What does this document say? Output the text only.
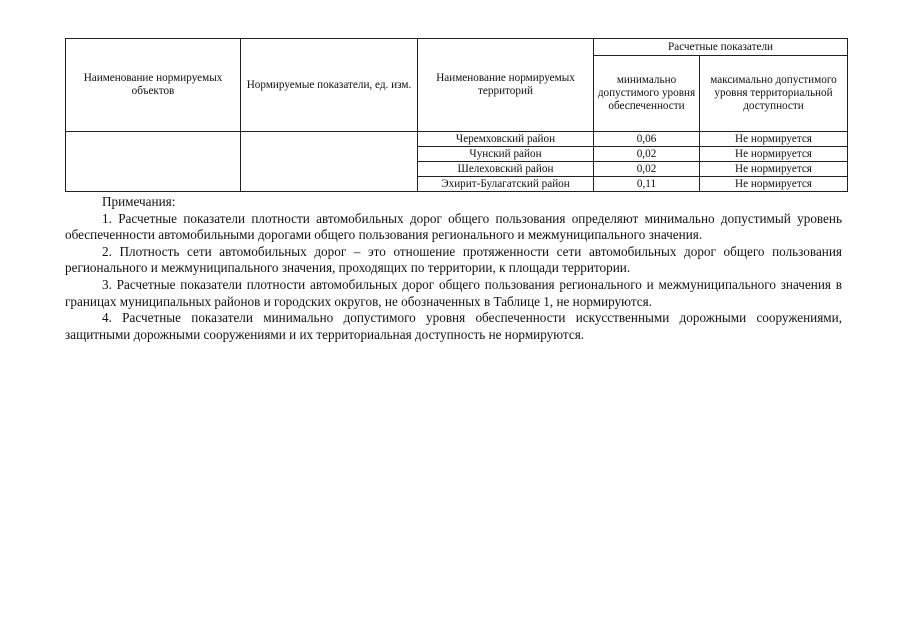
Наименование нормируемых объектов	Нормируемые показатели, ед. изм.	Наименование нормируемых территорий	Расчетные показатели	
			минимально допустимого уровня обеспеченности	максимально допустимого уровня территориальной доступности
		Черемховский район	0,06	Не нормируется
		Чунский район	0,02	Не нормируется
		Шелеховский район	0,02	Не нормируется
		Эхирит-Булагатский район	0,11	Не нормируется
Примечания:

1. Расчетные показатели плотности автомобильных дорог общего пользования определяют минимально допустимый уровень обеспеченности автомобильными дорогами общего пользования регионального и межмуниципального значения.

2. Плотность сети автомобильных дорог – это отношение протяженности сети автомобильных дорог общего пользования регионального и межмуниципального значения, проходящих по территории, к площади территории.

3. Расчетные показатели плотности автомобильных дорог общего пользования регионального и межмуниципального значения в границах муниципальных районов и городских округов, не обозначенных в Таблице 1, не нормируются.

4. Расчетные показатели минимально допустимого уровня обеспеченности искусственными дорожными сооружениями, защитными дорожными сооружениями и их территориальная доступность не нормируются.
